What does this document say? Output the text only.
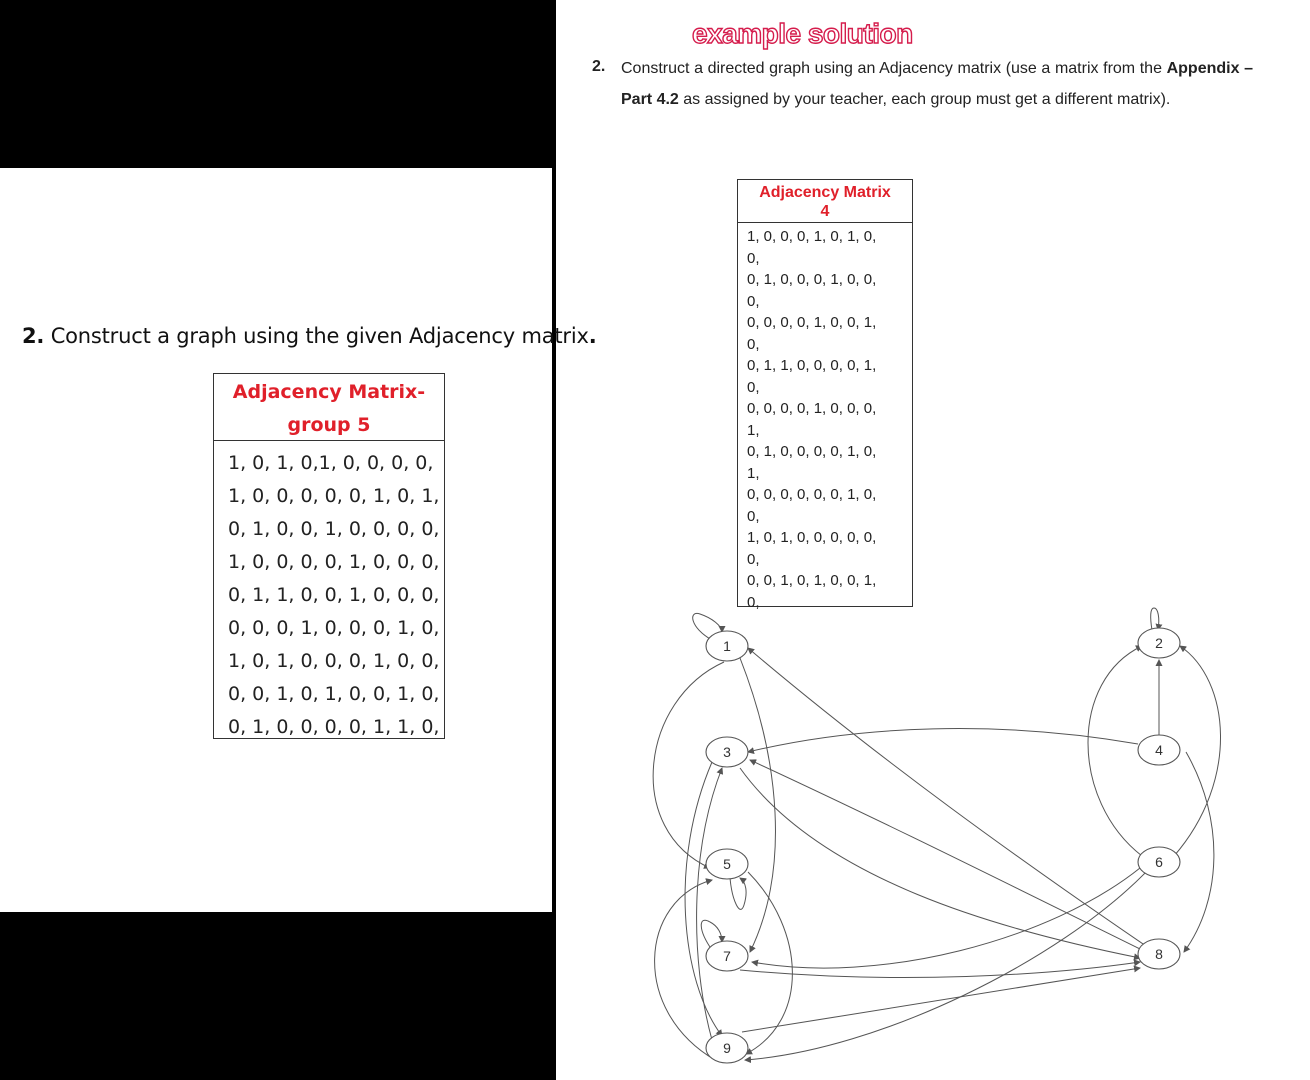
2. Construct a graph using the given Adjacency matrix.
Adjacency Matrix-
group 5
1, 0, 1, 0,1, 0, 0, 0, 0,
1, 0, 0, 0, 0, 0, 1, 0, 1,
0, 1, 0, 0, 1, 0, 0, 0, 0,
1, 0, 0, 0, 0, 1, 0, 0, 0,
0, 1, 1, 0, 0, 1, 0, 0, 0,
0, 0, 0, 1, 0, 0, 0, 1, 0,
1, 0, 1, 0, 0, 0, 1, 0, 0,
0, 0, 1, 0, 1, 0, 0, 1, 0,
0, 1, 0, 0, 0, 0, 1, 1, 0,
example solution
2. Construct a directed graph using an Adjacency matrix (use a matrix from the Appendix – Part 4.2 as assigned by your teacher, each group must get a different matrix).
Adjacency Matrix
4
1, 0, 0, 0, 1, 0, 1, 0,
0,
0, 1, 0, 0, 0, 1, 0, 0,
0,
0, 0, 0, 0, 1, 0, 0, 1,
0,
0, 1, 1, 0, 0, 0, 0, 1,
0,
0, 0, 0, 0, 1, 0, 0, 0,
1,
0, 1, 0, 0, 0, 0, 1, 0,
1,
0, 0, 0, 0, 0, 0, 1, 0,
0,
1, 0, 1, 0, 0, 0, 0, 0,
0,
0, 0, 1, 0, 1, 0, 0, 1,
0,
1	2
3	4
5	6
7	8
9
